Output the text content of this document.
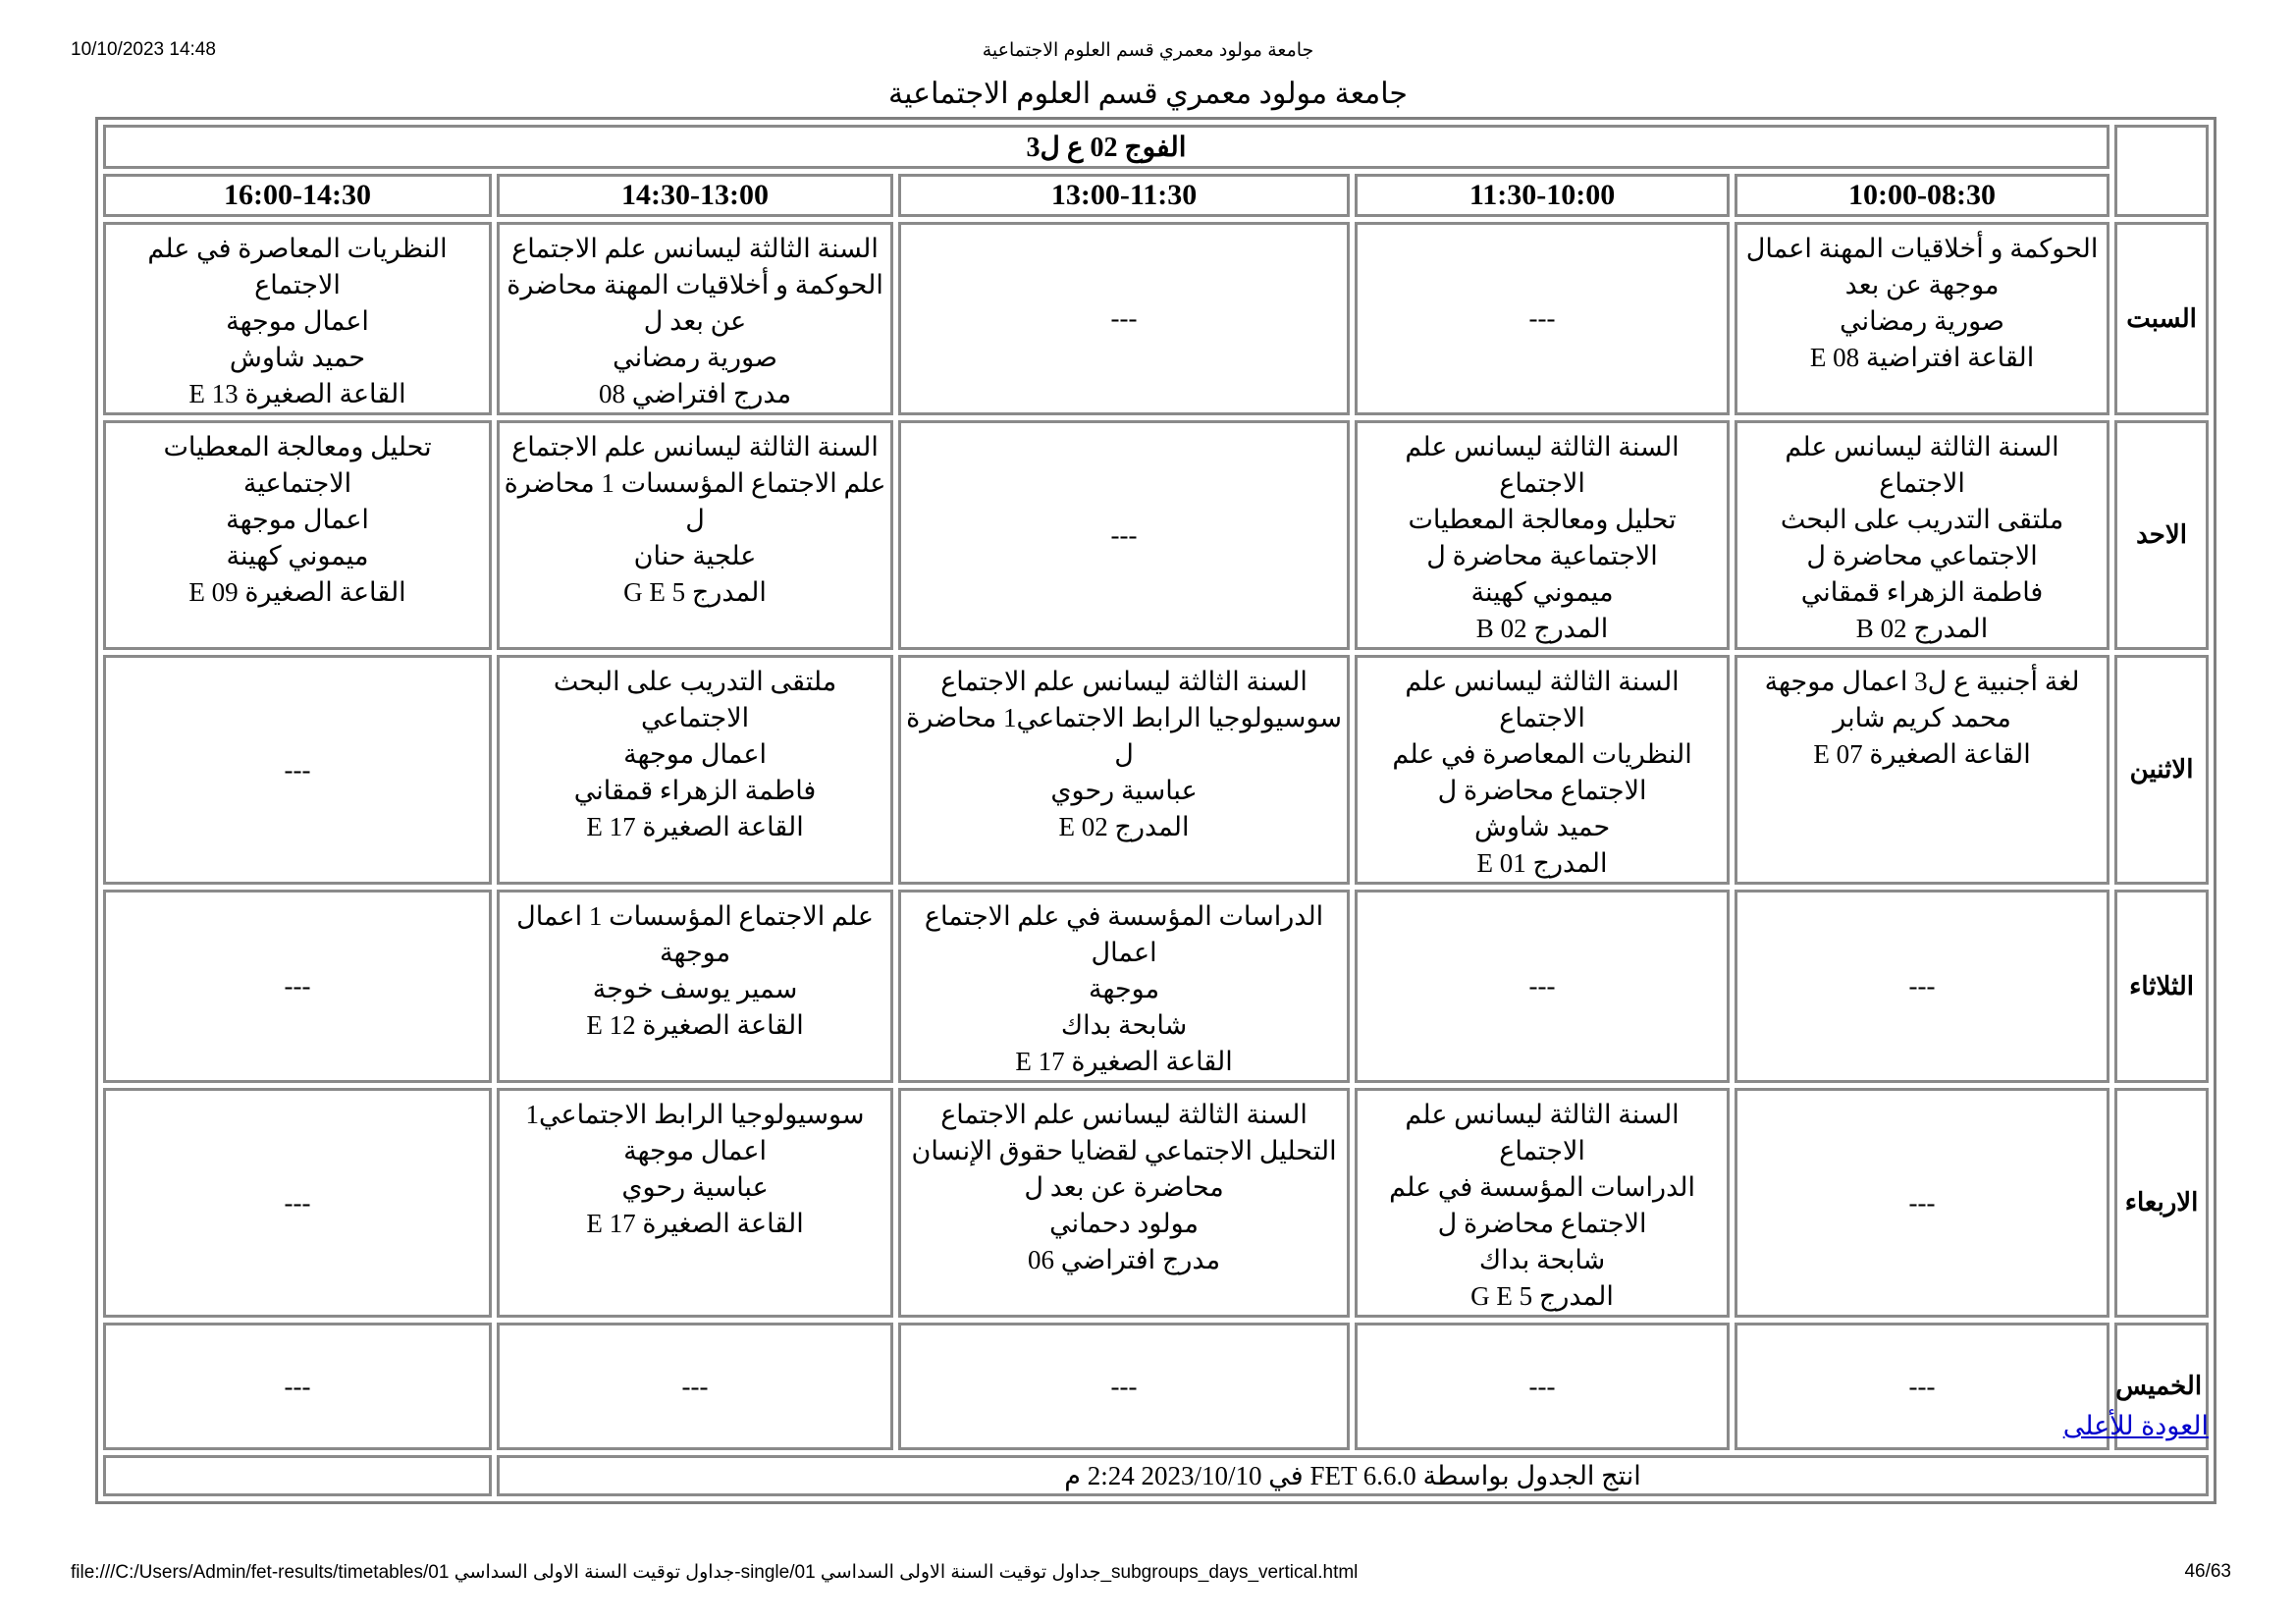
10/10/2023 14:48	جامعة مولود معمري قسم العلوم الاجتماعية
جامعة مولود معمري قسم العلوم الاجتماعية
	الفوج 02 ع ل3				
	10:00-08:30	11:30-10:00	13:00-11:30	14:30-13:00	16:00-14:30
السبت	الحوكمة و أخلاقيات المهنة اعمال
موجهة عن بعد
صورية رمضاني
القاعة افتراضية 08 E	---	---	السنة الثالثة ليسانس علم الاجتماع
الحوكمة و أخلاقيات المهنة محاضرة
عن بعد ل
صورية رمضاني
مدرج افتراضي 08	النظريات المعاصرة في علم الاجتماع
اعمال موجهة
حميد شاوش
القاعة الصغيرة 13 E

الاحد	السنة الثالثة ليسانس علم الاجتماع
ملتقى التدريب على البحث
الاجتماعي محاضرة ل
فاطمة الزهراء قمقاني
المدرج 02 B	السنة الثالثة ليسانس علم الاجتماع
تحليل ومعالجة المعطيات
الاجتماعية محاضرة ل
ميموني كهينة
المدرج 02 B	---	السنة الثالثة ليسانس علم الاجتماع
علم الاجتماع المؤسسات 1 محاضرة
ل
علجية حنان
المدرج 5 G E	تحليل ومعالجة المعطيات الاجتماعية
اعمال موجهة
ميموني كهينة
القاعة الصغيرة 09 E

الاثنين	لغة أجنبية ع ل3 اعمال موجهة
محمد كريم شابر
القاعة الصغيرة 07 E	السنة الثالثة ليسانس علم الاجتماع
النظريات المعاصرة في علم
الاجتماع محاضرة ل
حميد شاوش
المدرج 01 E	السنة الثالثة ليسانس علم الاجتماع
سوسيولوجيا الرابط الاجتماعي1 محاضرة
ل
عباسية رحوي
المدرج 02 E	ملتقى التدريب على البحث الاجتماعي
اعمال موجهة
فاطمة الزهراء قمقاني
القاعة الصغيرة 17 E	---
الثلاثاء	---	---	الدراسات المؤسسة في علم الاجتماع اعمال
موجهة
شابحة بداك
القاعة الصغيرة 17 E	علم الاجتماع المؤسسات 1 اعمال
موجهة
سمير يوسف خوجة
القاعة الصغيرة 12 E	---
الاربعاء	---	السنة الثالثة ليسانس علم الاجتماع
الدراسات المؤسسة في علم
الاجتماع محاضرة ل
شابحة بداك
المدرج 5 G E	السنة الثالثة ليسانس علم الاجتماع
التحليل الاجتماعي لقضايا حقوق الإنسان
محاضرة عن بعد ل
مولود دحماني
مدرج افتراضي 06	سوسيولوجيا الرابط الاجتماعي1
اعمال موجهة
عباسية رحوي
القاعة الصغيرة 17 E	---
الخميس	---	---	---	---	---
انتج الجدول بواسطة FET 6.6.0 في 2023/10/10 2:24 م					
العودة للأعلى
file:///C:/Users/Admin/fet-results/timetables/01 جداول توقيت السنة الاولى السداسي-single/01 جداول توقيت السنة الاولى السداسي_subgroups_days_vertical.html	46/63
